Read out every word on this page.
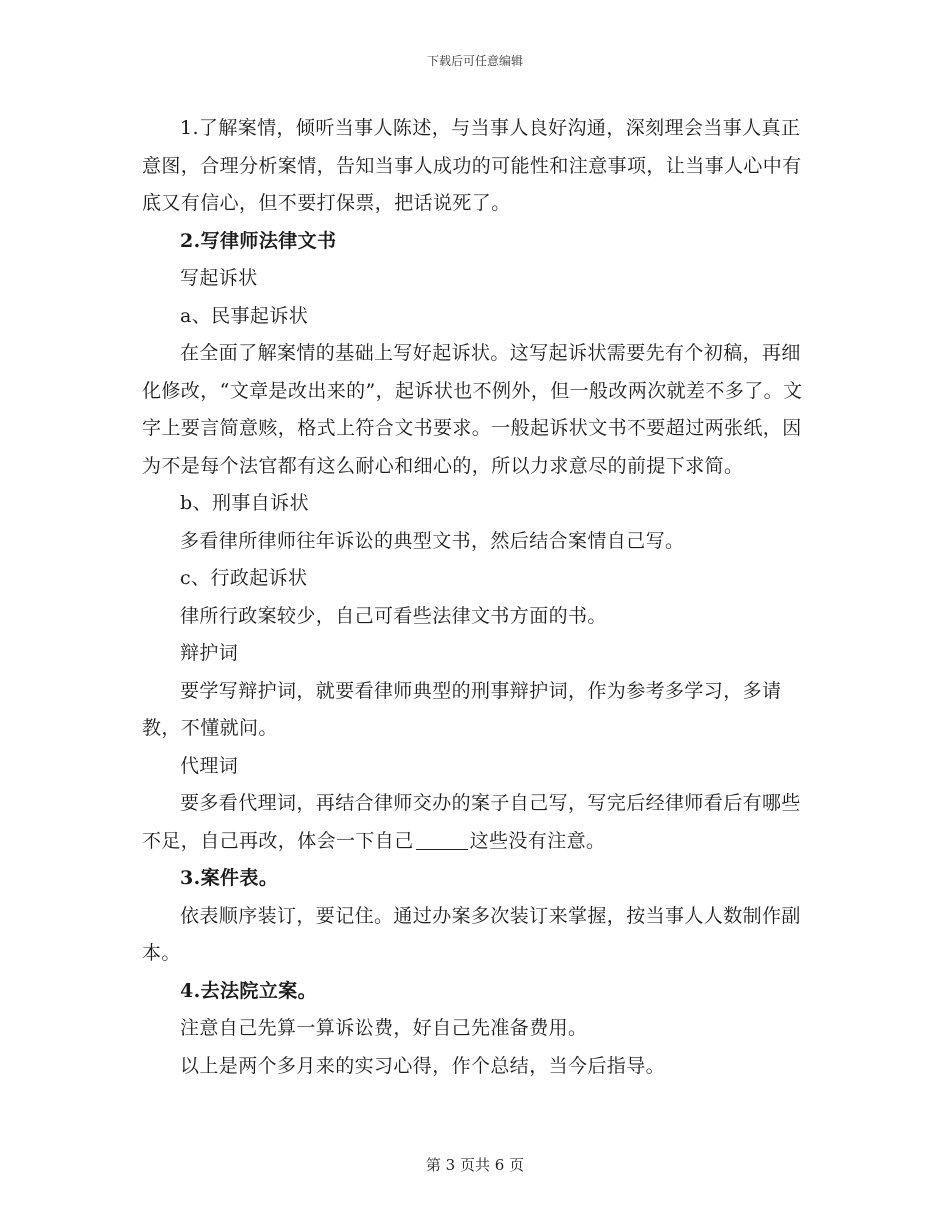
下载后可任意编辑

1.了解案情，倾听当事人陈述，与当事人良好沟通，深刻理会当事人真正意图，合理分析案情，告知当事人成功的可能性和注意事项，让当事人心中有底又有信心，但不要打保票，把话说死了。

2.写律师法律文书

写起诉状

a、民事起诉状

在全面了解案情的基础上写好起诉状。这写起诉状需要先有个初稿，再细化修改，“文章是改出来的”，起诉状也不例外，但一般改两次就差不多了。文字上要言简意赅，格式上符合文书要求。一般起诉状文书不要超过两张纸，因为不是每个法官都有这么耐心和细心的，所以力求意尽的前提下求简。

b、刑事自诉状

多看律所律师往年诉讼的典型文书，然后结合案情自己写。

c、行政起诉状

律所行政案较少，自己可看些法律文书方面的书。

辩护词

要学写辩护词，就要看律师典型的刑事辩护词，作为参考多学习，多请教，不懂就问。

代理词

要多看代理词，再结合律师交办的案子自己写，写完后经律师看后有哪些不足，自己再改，体会一下自己	这些没有注意。

3.案件表。

依表顺序装订，要记住。通过办案多次装订来掌握，按当事人人数制作副本。

4.去法院立案。

注意自己先算一算诉讼费，好自己先准备费用。

以上是两个多月来的实习心得，作个总结，当今后指导。

第 3 页共 6 页
